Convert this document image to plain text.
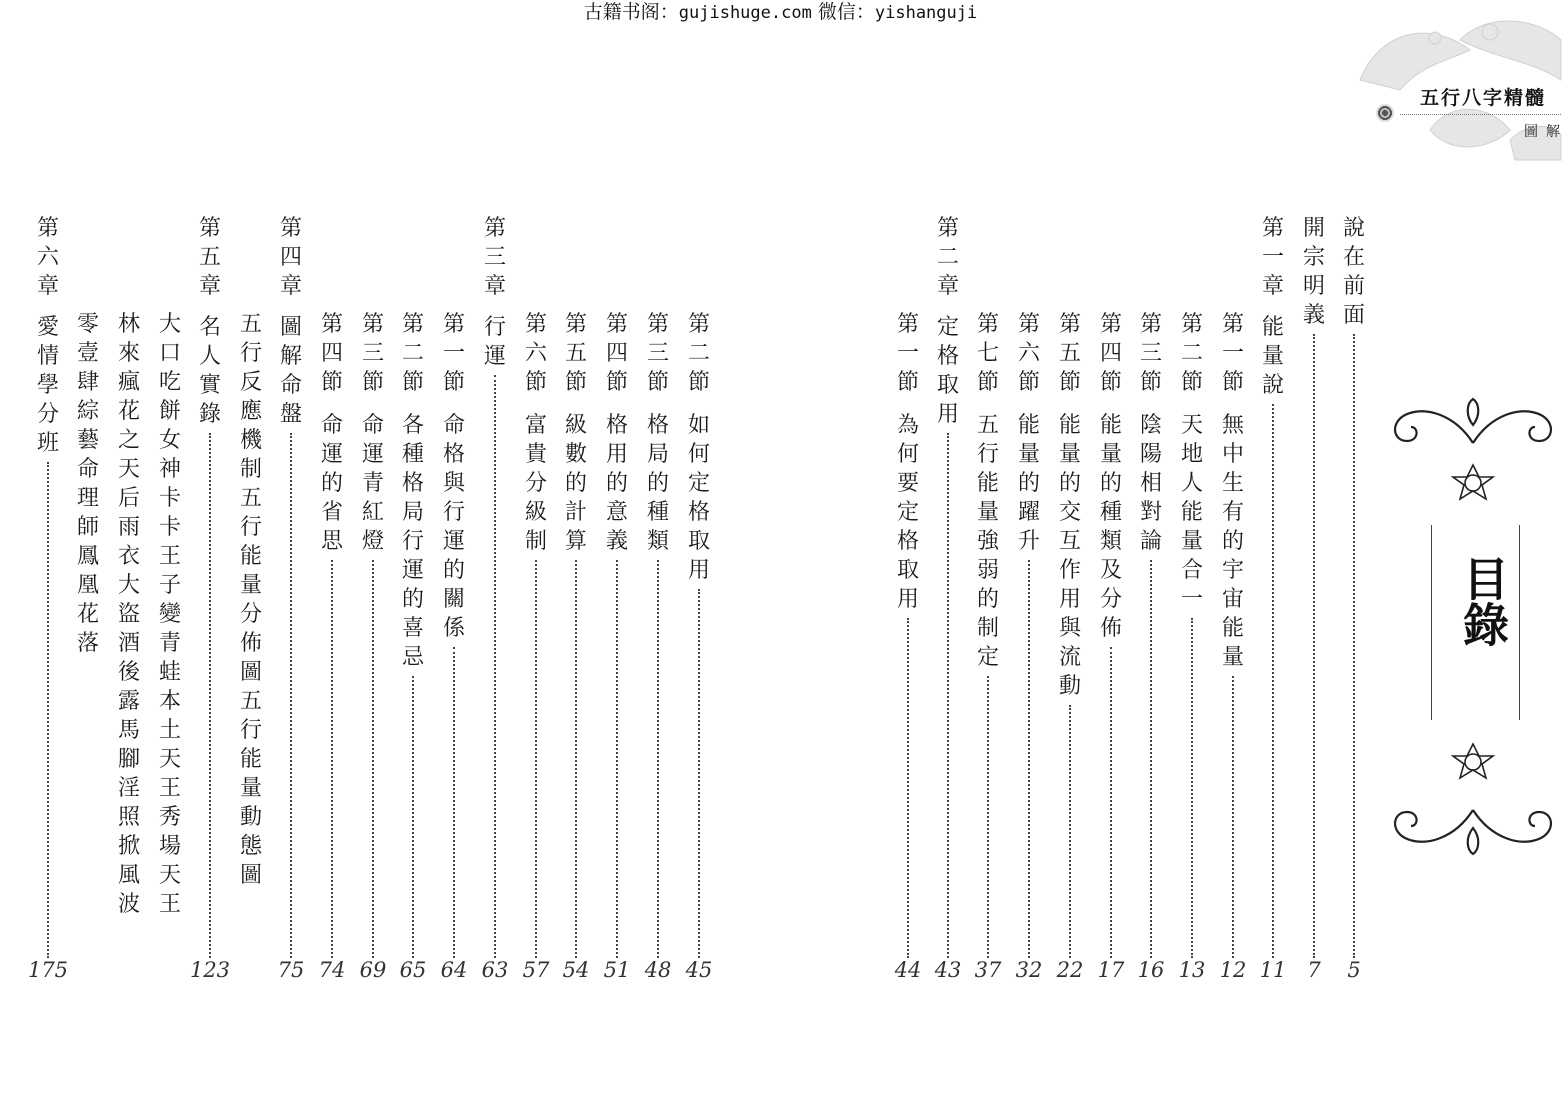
古籍书阁：gujishuge.com 微信：yishanguji
五行八字精髓
圖解
目錄
說在前面
5
開宗明義
7
第一章
能量說
11
第一節
無中生有的宇宙能量
12
第二節
天地人能量合一
13
第三節
陰陽相對論
16
第四節
能量的種類及分佈
17
第五節
能量的交互作用與流動
22
第六節
能量的躍升
32
第七節
五行能量強弱的制定
37
第二章
定格取用
43
第一節
為何要定格取用
44
第二節
如何定格取用
45
第三節
格局的種類
48
第四節
格用的意義
51
第五節
級數的計算
54
第六節
富貴分級制
57
第三章
行運
63
第一節
命格與行運的關係
64
第二節
各種格局行運的喜忌
65
第三節
命運青紅燈
69
第四節
命運的省思
74
第四章
圖解命盤
75
五行反應機制　五行能量分佈圖　五行能量動態圖
第五章
名人實錄
123
大口吃餅　女神卡卡　王子變青蛙　本土天王　秀場天王
林來瘋　花之天后　雨衣大盜　酒後露馬腳　淫照掀風波
零壹肆　綜藝命理師　鳳凰花落
第六章
愛情學分班
175
